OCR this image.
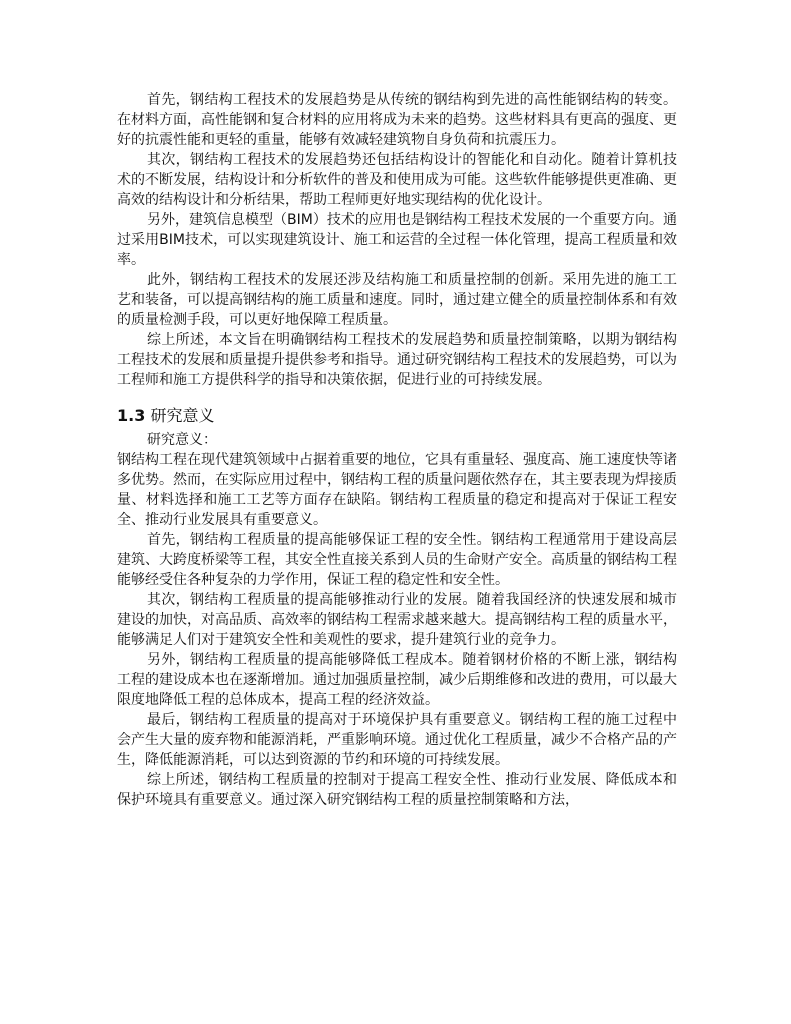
首先，钢结构工程技术的发展趋势是从传统的钢结构到先进的高性能钢结构的转变。在材料方面，高性能钢和复合材料的应用将成为未来的趋势。这些材料具有更高的强度、更好的抗震性能和更轻的重量，能够有效减轻建筑物自身负荷和抗震压力。

其次，钢结构工程技术的发展趋势还包括结构设计的智能化和自动化。随着计算机技术的不断发展，结构设计和分析软件的普及和使用成为可能。这些软件能够提供更准确、更高效的结构设计和分析结果，帮助工程师更好地实现结构的优化设计。

另外，建筑信息模型（BIM）技术的应用也是钢结构工程技术发展的一个重要方向。通过采用BIM技术，可以实现建筑设计、施工和运营的全过程一体化管理，提高工程质量和效率。

此外，钢结构工程技术的发展还涉及结构施工和质量控制的创新。采用先进的施工工艺和装备，可以提高钢结构的施工质量和速度。同时，通过建立健全的质量控制体系和有效的质量检测手段，可以更好地保障工程质量。

综上所述，本文旨在明确钢结构工程技术的发展趋势和质量控制策略，以期为钢结构工程技术的发展和质量提升提供参考和指导。通过研究钢结构工程技术的发展趋势，可以为工程师和施工方提供科学的指导和决策依据，促进行业的可持续发展。

1.3 研究意义

研究意义：

钢结构工程在现代建筑领域中占据着重要的地位，它具有重量轻、强度高、施工速度快等诸多优势。然而，在实际应用过程中，钢结构工程的质量问题依然存在，其主要表现为焊接质量、材料选择和施工工艺等方面存在缺陷。钢结构工程质量的稳定和提高对于保证工程安全、推动行业发展具有重要意义。

首先，钢结构工程质量的提高能够保证工程的安全性。钢结构工程通常用于建设高层建筑、大跨度桥梁等工程，其安全性直接关系到人员的生命财产安全。高质量的钢结构工程能够经受住各种复杂的力学作用，保证工程的稳定性和安全性。

其次，钢结构工程质量的提高能够推动行业的发展。随着我国经济的快速发展和城市建设的加快，对高品质、高效率的钢结构工程需求越来越大。提高钢结构工程的质量水平，能够满足人们对于建筑安全性和美观性的要求，提升建筑行业的竞争力。

另外，钢结构工程质量的提高能够降低工程成本。随着钢材价格的不断上涨，钢结构工程的建设成本也在逐渐增加。通过加强质量控制，减少后期维修和改进的费用，可以最大限度地降低工程的总体成本，提高工程的经济效益。

最后，钢结构工程质量的提高对于环境保护具有重要意义。钢结构工程的施工过程中会产生大量的废弃物和能源消耗，严重影响环境。通过优化工程质量，减少不合格产品的产生，降低能源消耗，可以达到资源的节约和环境的可持续发展。

综上所述，钢结构工程质量的控制对于提高工程安全性、推动行业发展、降低成本和保护环境具有重要意义。通过深入研究钢结构工程的质量控制策略和方法，
